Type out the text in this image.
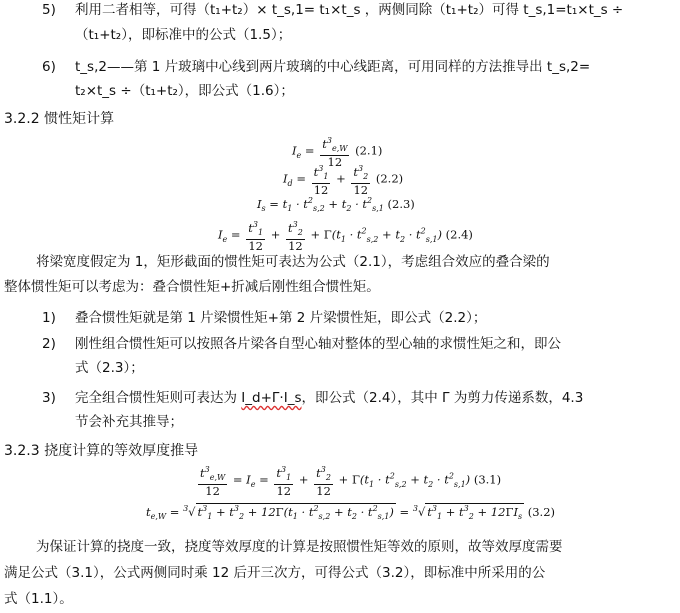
5) 利用二者相等，可得（t₁+t₂）× t_s,1= t₁×t_s ，两侧同除（t₁+t₂）可得 t_s,1=t₁×t_s ÷
（t₁+t₂），即标准中的公式（1.5）；
6) t_s,2——第 1 片玻璃中心线到两片玻璃的中心线距离，可用同样的方法推导出 t_s,2=
t₂×t_s ÷（t₁+t₂），即公式（1.6）；
3.2.2 惯性矩计算
$I_e = \frac{t^3_{e,W}}{12} (2.1)$
$I_d = \frac{t^3_1}{12} + \frac{t^3_2}{12} (2.2)$
$I_s = t_1 \cdot t^2_{s,2} + t_2 \cdot t^2_{s,1}$ (2.3)
$I_e = \frac{t^3_1}{12} + \frac{t^3_2}{12} + \Gamma(t_1 \cdot t^2_{s,2} + t_2 \cdot t^2_{s,1})$ (2.4)
将梁宽度假定为 1，矩形截面的惯性矩可表达为公式（2.1），考虑组合效应的叠合梁的
整体惯性矩可以考虑为：叠合惯性矩+折减后刚性组合惯性矩。
1) 叠合惯性矩就是第 1 片梁惯性矩+第 2 片梁惯性矩，即公式（2.2）；
2) 刚性组合惯性矩可以按照各片梁各自型心轴对整体的型心轴的求惯性矩之和，即公
式（2.3）；
3) 完全组合惯性矩则可表达为 I_d+Γ·I_s，即公式（2.4），其中 Γ 为剪力传递系数，4.3
节会补充其推导；
3.2.3 挠度计算的等效厚度推导
$\frac{t^3_{e,W}}{12} = I_e = \frac{t^3_1}{12} + \frac{t^3_2}{12} + \Gamma(t_1 \cdot t^2_{s,2} + t_2 \cdot t^2_{s,1})$ (3.1)
$t_{e,W} = ^3√$ $t^3_1 + t^3_2 + 12\Gamma(t_1 \cdot t^2_{s,2} + t_2 \cdot t^2_{s,1}) = ^3√$ $t^3_1 + t^3_2 + 12\Gamma I_s$ (3.2)
为保证计算的挠度一致，挠度等效厚度的计算是按照惯性矩等效的原则，故等效厚度需要
满足公式（3.1），公式两侧同时乘 12 后开三次方，可得公式（3.2），即标准中所采用的公
式（1.1）。
